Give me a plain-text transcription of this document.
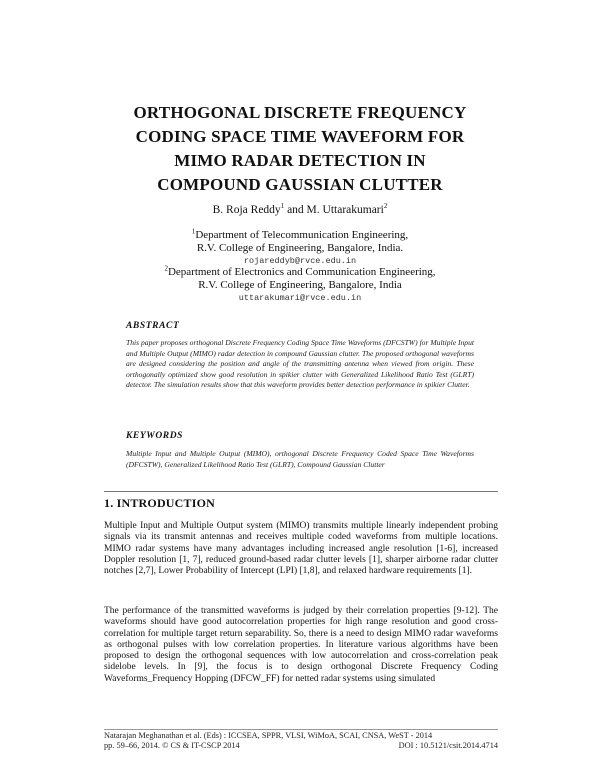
ORTHOGONAL DISCRETE FREQUENCY
CODING SPACE TIME WAVEFORM FOR
MIMO RADAR DETECTION IN
COMPOUND GAUSSIAN CLUTTER
B. Roja Reddy$^1$ and M. Uttarakumari$^2$
$^1$Department of Telecommunication Engineering,
R.V. College of Engineering, Bangalore, India.
rojareddyb@rvce.edu.in
$^2$Department of Electronics and Communication Engineering,
R.V. College of Engineering, Bangalore, India
uttarakumari@rvce.edu.in
ABSTRACT
This paper proposes orthogonal Discrete Frequency Coding Space Time Waveforms (DFCSTW) for Multiple Input and Multiple Output (MIMO) radar detection in compound Gaussian clutter. The proposed orthogonal waveforms are designed considering the position and angle of the transmitting antenna when viewed from origin. These orthogonally optimized show good resolution in spikier clutter with Generalized Likelihood Ratio Test (GLRT) detector. The simulation results show that this waveform provides better detection performance in spikier Clutter.
KEYWORDS
Multiple Input and Multiple Output (MIMO), orthogonal Discrete Frequency Coded Space Time Waveforms (DFCSTW), Generalized Likelihood Ratio Test (GLRT), Compound Gaussian Clutter
1. INTRODUCTION
Multiple Input and Multiple Output system (MIMO) transmits multiple linearly independent probing signals via its transmit antennas and receives multiple coded waveforms from multiple locations. MIMO radar systems have many advantages including increased angle resolution [1-6], increased Doppler resolution [1, 7], reduced ground-based radar clutter levels [1], sharper airborne radar clutter notches [2,7], Lower Probability of Intercept (LPI) [1,8], and relaxed hardware requirements [1].
The performance of the transmitted waveforms is judged by their correlation properties [9-12]. The waveforms should have good autocorrelation properties for high range resolution and good cross-correlation for multiple target return separability. So, there is a need to design MIMO radar waveforms as orthogonal pulses with low correlation properties. In literature various algorithms have been proposed to design the orthogonal sequences with low autocorrelation and cross-correlation peak sidelobe levels. In [9], the focus is to design orthogonal Discrete Frequency Coding Waveforms_Frequency Hopping (DFCW_FF) for netted radar systems using simulated
Natarajan Meghanathan et al. (Eds) : ICCSEA, SPPR, VLSI, WiMoA, SCAI, CNSA, WeST - 2014
pp. 59–66, 2014. © CS & IT-CSCP 2014	DOI : 10.5121/csit.2014.4714
